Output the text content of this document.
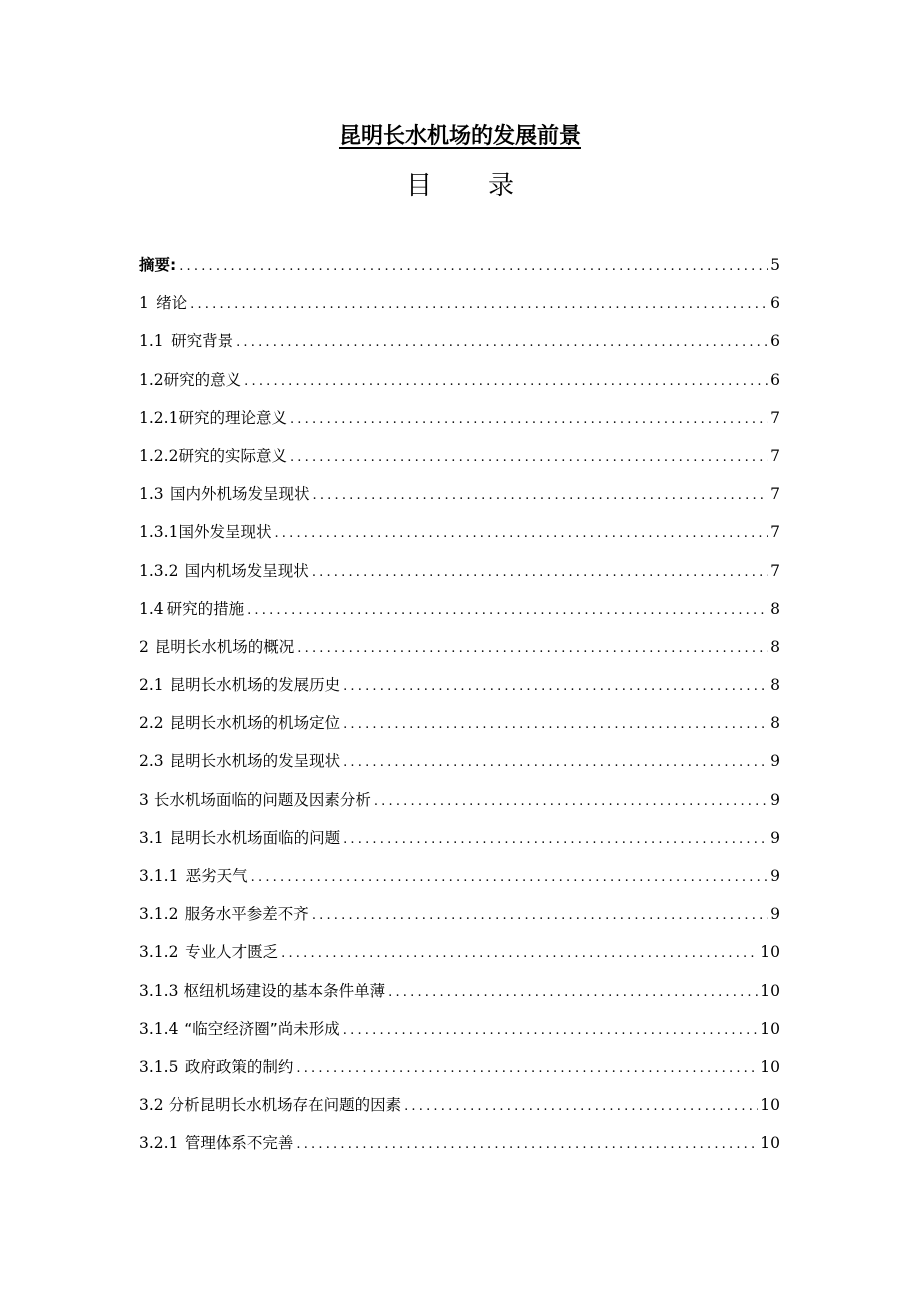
昆明长水机场的发展前景
目 录
摘要: .....	5
1 绪论 .....	6
1.1 研究背景 .....	6
1.2 研究的意义 .....	6
1.2.1 研究的理论意义 .....	7
1.2.2 研究的实际意义 .....	7
1.3 国内外机场发呈现状 .....	7
1.3.1 国外发呈现状 .....	7
1.3.2 国内机场发呈现状 .....	7
1.4 研究的措施 .....	8
2 昆明长水机场的概况 .....	8
2.1 昆明长水机场的发展历史 .....	8
2.2 昆明长水机场的机场定位 .....	8
2.3 昆明长水机场的发呈现状 .....	9
3 长水机场面临的问题及因素分析 .....	9
3.1 昆明长水机场面临的问题 .....	9
3.1.1 恶劣天气 .....	9
3.1.2 服务水平参差不齐 .....	9
3.1.2 专业人才匮乏 .....	10
3.1.3 枢纽机场建设的基本条件单薄 .....	10
3.1.4 “临空经济圈”尚未形成 .....	10
3.1.5 政府政策的制约 .....	10
3.2 分析昆明长水机场存在问题的因素 .....	10
3.2.1 管理体系不完善 .....	10
